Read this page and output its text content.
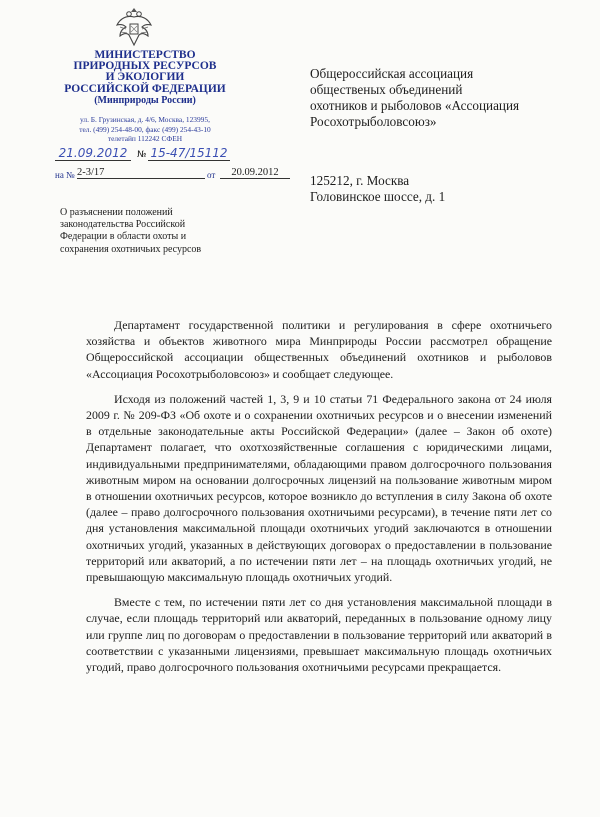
МИНИСТЕРСТВО
ПРИРОДНЫХ РЕСУРСОВ
И ЭКОЛОГИИ
РОССИЙСКОЙ ФЕДЕРАЦИИ
(Минприроды России)
ул. Б. Грузинская, д. 4/6, Москва, 123995,
тел. (499) 254-48-00, факс (499) 254-43-10
телетайп 112242 СФЕН
21.09.2012	№ 15-47/15112
на № 2-3/17	от	20.09.2012
Общероссийская ассоциация
общественых объединений
охотников и рыболовов «Ассоциация
Росохотрыболовсоюз»
125212, г. Москва
Головинское шоссе, д. 1
О разъяснении положений
законодательства Российской
Федерации в области охоты и
сохранения охотничьих ресурсов

Департамент государственной политики и регулирования в сфере охотничьего хозяйства и объектов животного мира Минприроды России рассмотрел обращение Общероссийской ассоциации общественных объединений охотников и рыболовов «Ассоциация Росохотрыболовсоюз» и сообщает следующее.

Исходя из положений частей 1, 3, 9 и 10 статьи 71 Федерального закона от 24 июля 2009 г. № 209-ФЗ «Об охоте и о сохранении охотничьих ресурсов и о внесении изменений в отдельные законодательные акты Российской Федерации» (далее – Закон об охоте) Департамент полагает, что охотхозяйственные соглашения с юридическими лицами, индивидуальными предпринимателями, обладающими правом долгосрочного пользования животным миром на основании долгосрочных лицензий на пользование животным миром в отношении охотничьих ресурсов, которое возникло до вступления в силу Закона об охоте (далее – право долгосрочного пользования охотничьими ресурсами), в течение пяти лет со дня установления максимальной площади охотничьих угодий заключаются в отношении охотничьих угодий, указанных в действующих договорах о предоставлении в пользование территорий или акваторий, а по истечении пяти лет – на площадь охотничьих угодий, не превышающую максимальную площадь охотничьих угодий.

Вместе с тем, по истечении пяти лет со дня установления максимальной площади в случае, если площадь территорий или акваторий, переданных в пользование одному лицу или группе лиц по договорам о предоставлении в пользование территорий или акваторий в соответствии с указанными лицензиями, превышает максимальную площадь охотничьих угодий, право долгосрочного пользования охотничьими ресурсами прекращается.
